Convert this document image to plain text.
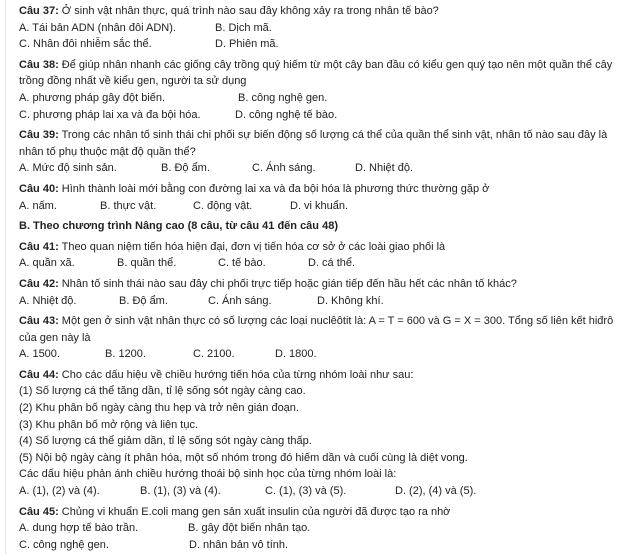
Câu 37: Ở sinh vật nhân thực, quá trình nào sau đây không xảy ra trong nhân tế bào?
A. Tái bản ADN (nhân đôi ADN).	B. Dịch mã.
C. Nhân đôi nhiễm sắc thể.	D. Phiên mã.
Câu 38: Để giúp nhân nhanh các giống cây trồng quý hiếm từ một cây ban đầu có kiểu gen quý tạo nên một quần thể cây trồng đồng nhất về kiểu gen, người ta sử dụng
A. phương pháp gây đột biến.	B. công nghệ gen.
C. phương pháp lai xa và đa bội hóa.	D. công nghệ tế bào.
Câu 39: Trong các nhân tố sinh thái chi phối sự biến động số lượng cá thể của quần thể sinh vật, nhân tố nào sau đây là nhân tố phụ thuộc mật độ quần thể?
A. Mức độ sinh sản.	B. Độ ẩm.	C. Ánh sáng.	D. Nhiệt độ.
Câu 40: Hình thành loài mới bằng con đường lai xa và đa bội hóa là phương thức thường gặp ở
A. nấm.	B. thực vật.	C. động vật.	D. vi khuẩn.
B. Theo chương trình Nâng cao (8 câu, từ câu 41 đến câu 48)
Câu 41: Theo quan niệm tiến hóa hiện đại, đơn vị tiến hóa cơ sở ở các loài giao phối là
A. quần xã.	B. quần thể.	C. tế bào.	D. cá thể.
Câu 42: Nhân tố sinh thái nào sau đây chi phối trực tiếp hoặc gián tiếp đến hầu hết các nhân tố khác?
A. Nhiệt độ.	B. Độ ẩm.	C. Ánh sáng.	D. Không khí.
Câu 43: Một gen ở sinh vật nhân thực có số lượng các loại nuclêôtit là: A = T = 600 và G = X = 300. Tổng số liên kết hiđrô của gen này là
A. 1500.	B. 1200.	C. 2100.	D. 1800.
Câu 44: Cho các dấu hiệu về chiều hướng tiến hóa của từng nhóm loài như sau:
(1) Số lượng cá thể tăng dần, tỉ lệ sống sót ngày càng cao.
(2) Khu phân bố ngày càng thu hẹp và trở nên gián đoạn.
(3) Khu phân bố mở rộng và liên tục.
(4) Số lượng cá thể giảm dần, tỉ lệ sống sót ngày càng thấp.
(5) Nội bộ ngày càng ít phân hóa, một số nhóm trong đó hiếm dần và cuối cùng là diệt vong.
Các dấu hiệu phản ánh chiều hướng thoái bộ sinh học của từng nhóm loài là:
A. (1), (2) và (4).	B. (1), (3) và (4).	C. (1), (3) và (5).	D. (2), (4) và (5).
Câu 45: Chủng vi khuẩn E.coli mang gen sản xuất insulin của người đã được tạo ra nhờ
A. dung hợp tế bào trần.	B. gây đột biến nhân tạo.
C. công nghệ gen.	D. nhân bản vô tính.
